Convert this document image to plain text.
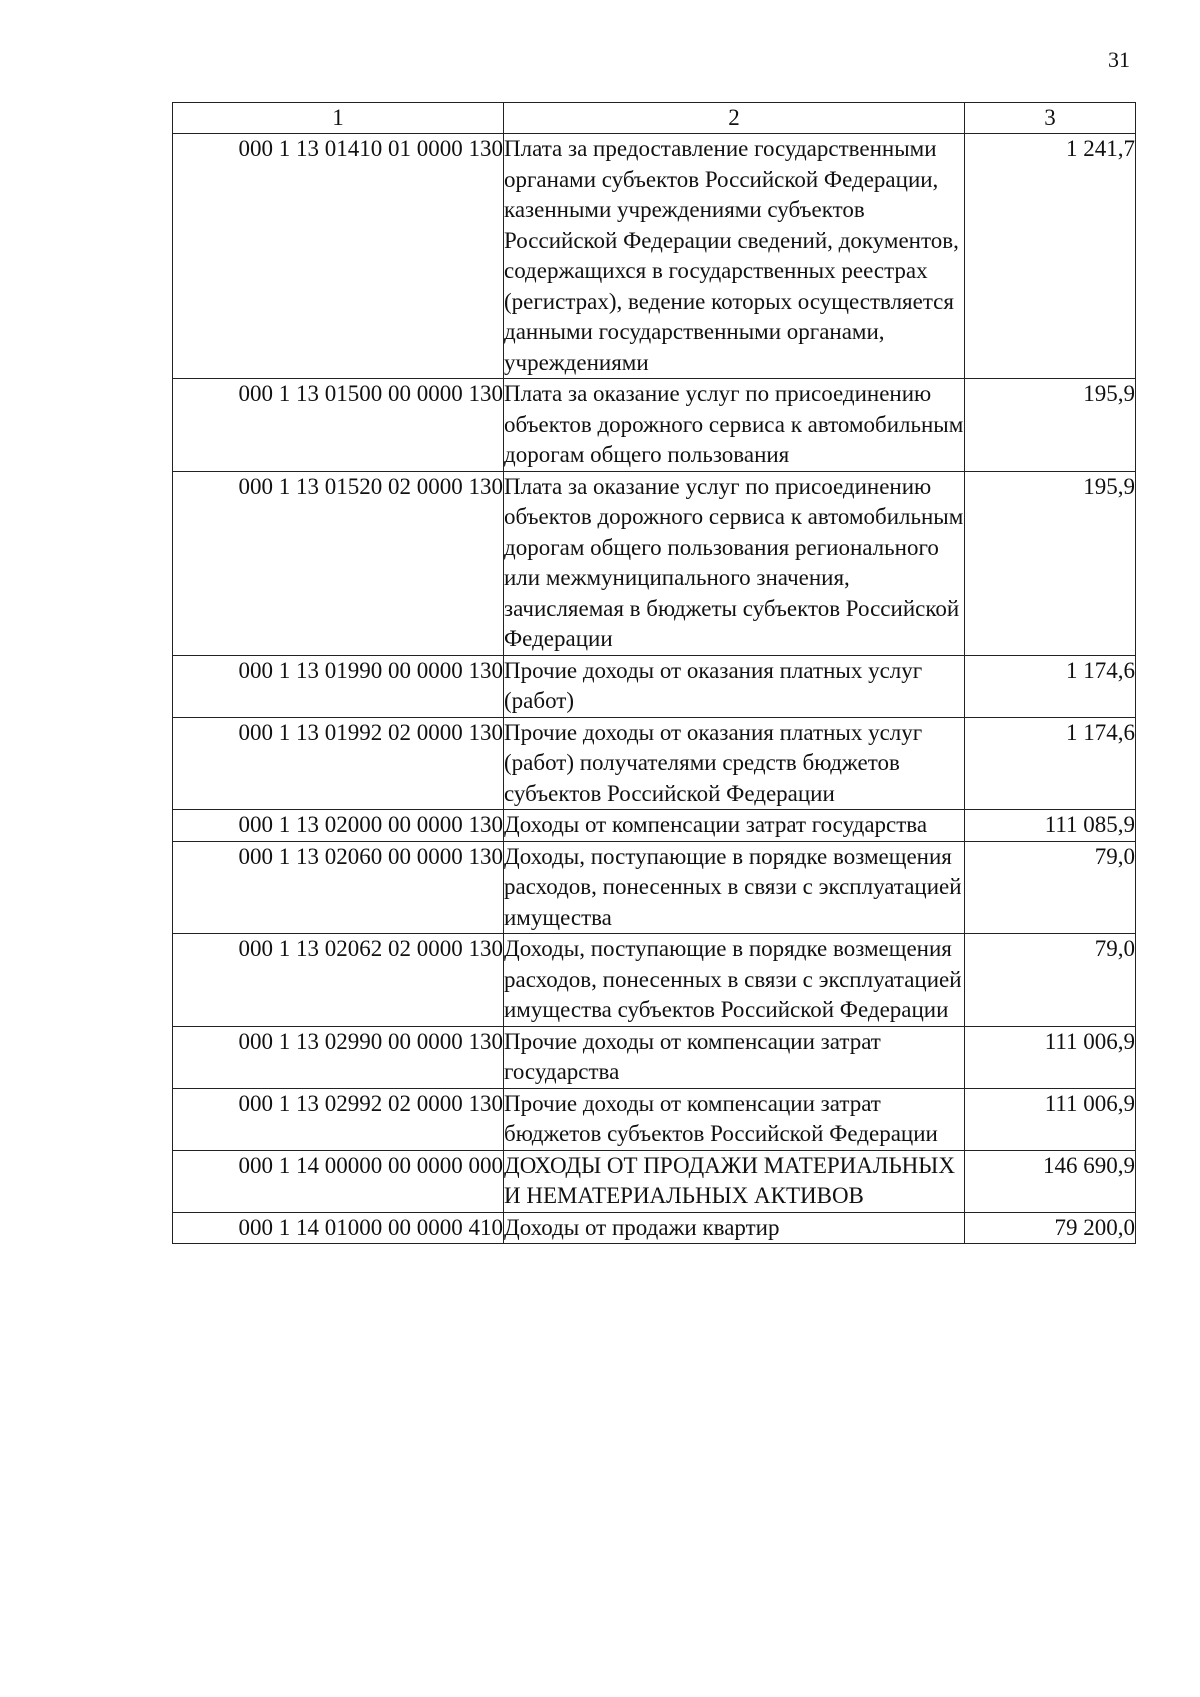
31
1	2	3
000 1 13 01410 01 0000 130	Плата за предоставление государственными органами субъектов Российской Федерации, казенными учреждениями субъектов Российской Федерации сведений, документов, содержащихся в государственных реестрах (регистрах), ведение которых осуществляется данными государственными органами, учреждениями	1 241,7
000 1 13 01500 00 0000 130	Плата за оказание услуг по присоединению объектов дорожного сервиса к автомобильным дорогам общего пользования	195,9
000 1 13 01520 02 0000 130	Плата за оказание услуг по присоединению объектов дорожного сервиса к автомобильным дорогам общего пользования регионального или межмуниципального значения, зачисляемая в бюджеты субъектов Российской Федерации	195,9
000 1 13 01990 00 0000 130	Прочие доходы от оказания платных услуг (работ)	1 174,6
000 1 13 01992 02 0000 130	Прочие доходы от оказания платных услуг (работ) получателями средств бюджетов субъектов Российской Федерации	1 174,6
000 1 13 02000 00 0000 130	Доходы от компенсации затрат государства	111 085,9
000 1 13 02060 00 0000 130	Доходы, поступающие в порядке возмещения расходов, понесенных в связи с эксплуатацией имущества	79,0
000 1 13 02062 02 0000 130	Доходы, поступающие в порядке возмещения расходов, понесенных в связи с эксплуатацией имущества субъектов Российской Федерации	79,0
000 1 13 02990 00 0000 130	Прочие доходы от компенсации затрат государства	111 006,9
000 1 13 02992 02 0000 130	Прочие доходы от компенсации затрат бюджетов субъектов Российской Федерации	111 006,9
000 1 14 00000 00 0000 000	ДОХОДЫ ОТ ПРОДАЖИ МАТЕРИАЛЬНЫХ И НЕМАТЕРИАЛЬНЫХ АКТИВОВ	146 690,9
000 1 14 01000 00 0000 410	Доходы от продажи квартир	79 200,0
